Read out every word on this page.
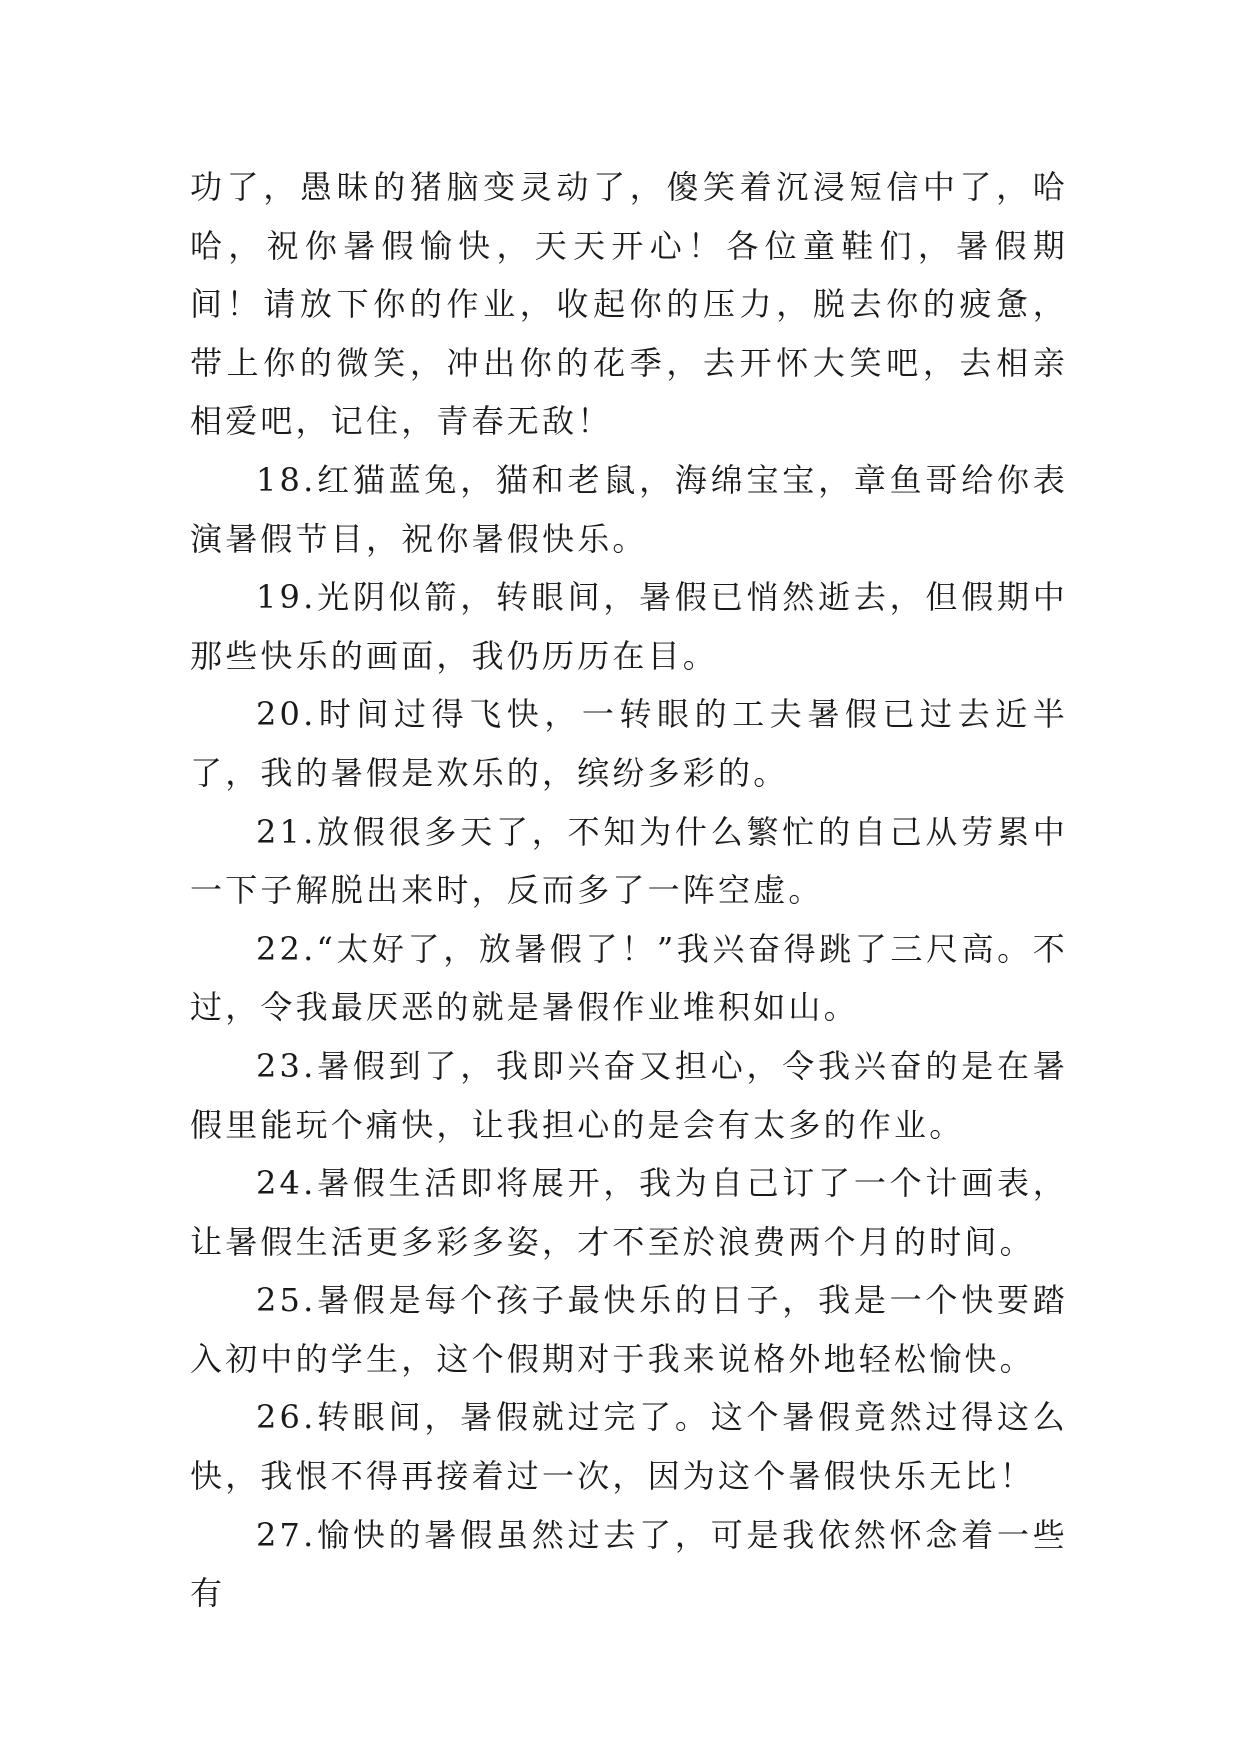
功了，愚昧的猪脑变灵动了，傻笑着沉浸短信中了，哈哈，祝你暑假愉快，天天开心！各位童鞋们，暑假期间！请放下你的作业，收起你的压力，脱去你的疲惫，带上你的微笑，冲出你的花季，去开怀大笑吧，去相亲相爱吧，记住，青春无敌！

18.红猫蓝兔，猫和老鼠，海绵宝宝，章鱼哥给你表演暑假节目，祝你暑假快乐。

19.光阴似箭，转眼间，暑假已悄然逝去，但假期中那些快乐的画面，我仍历历在目。

20.时间过得飞快，一转眼的工夫暑假已过去近半了，我的暑假是欢乐的，缤纷多彩的。

21.放假很多天了，不知为什么繁忙的自己从劳累中一下子解脱出来时，反而多了一阵空虚。

22.“太好了，放暑假了！”我兴奋得跳了三尺高。不过，令我最厌恶的就是暑假作业堆积如山。

23.暑假到了，我即兴奋又担心，令我兴奋的是在暑假里能玩个痛快，让我担心的是会有太多的作业。

24.暑假生活即将展开，我为自己订了一个计画表，让暑假生活更多彩多姿，才不至於浪费两个月的时间。

25.暑假是每个孩子最快乐的日子，我是一个快要踏入初中的学生，这个假期对于我来说格外地轻松愉快。

26.转眼间，暑假就过完了。这个暑假竟然过得这么快，我恨不得再接着过一次，因为这个暑假快乐无比！

27.愉快的暑假虽然过去了，可是我依然怀念着一些有
